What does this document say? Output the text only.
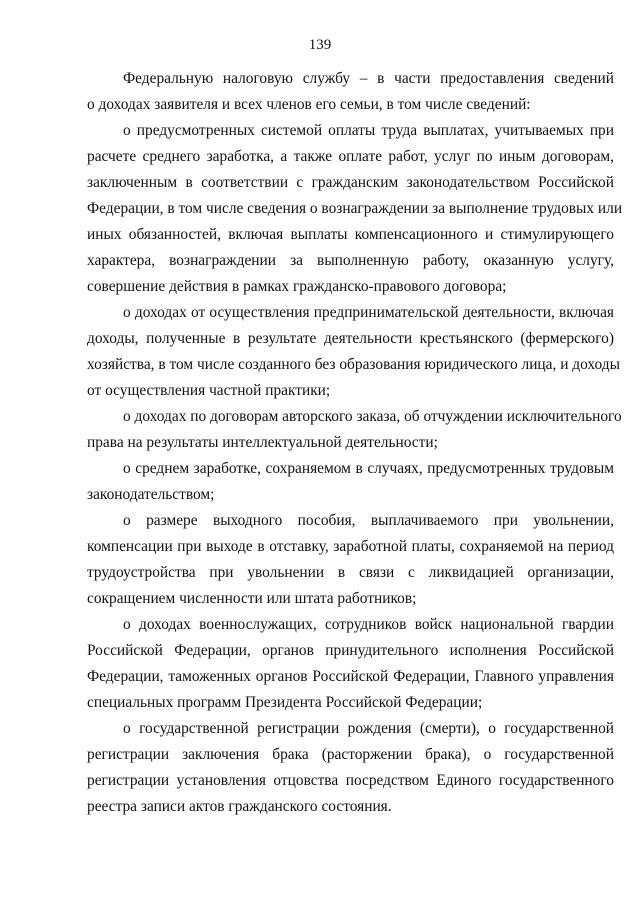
139
Федеральную налоговую службу – в части предоставления сведений
о доходах заявителя и всех членов его семьи, в том числе сведений:
о предусмотренных системой оплаты труда выплатах, учитываемых при
расчете среднего заработка, а также оплате работ, услуг по иным договорам,
заключенным в соответствии с гражданским законодательством Российской
Федерации, в том числе сведения о вознаграждении за выполнение трудовых или
иных обязанностей, включая выплаты компенсационного и стимулирующего
характера, вознаграждении за выполненную работу, оказанную услугу,
совершение действия в рамках гражданско-правового договора;
о доходах от осуществления предпринимательской деятельности, включая
доходы, полученные в результате деятельности крестьянского (фермерского)
хозяйства, в том числе созданного без образования юридического лица, и доходы
от осуществления частной практики;
о доходах по договорам авторского заказа, об отчуждении исключительного
права на результаты интеллектуальной деятельности;
о среднем заработке, сохраняемом в случаях, предусмотренных трудовым
законодательством;
о размере выходного пособия, выплачиваемого при увольнении,
компенсации при выходе в отставку, заработной платы, сохраняемой на период
трудоустройства при увольнении в связи с ликвидацией организации,
сокращением численности или штата работников;
о доходах военнослужащих, сотрудников войск национальной гвардии
Российской Федерации, органов принудительного исполнения Российской
Федерации, таможенных органов Российской Федерации, Главного управления
специальных программ Президента Российской Федерации;
о государственной регистрации рождения (смерти), о государственной
регистрации заключения брака (расторжении брака), о государственной
регистрации установления отцовства посредством Единого государственного
реестра записи актов гражданского состояния.
